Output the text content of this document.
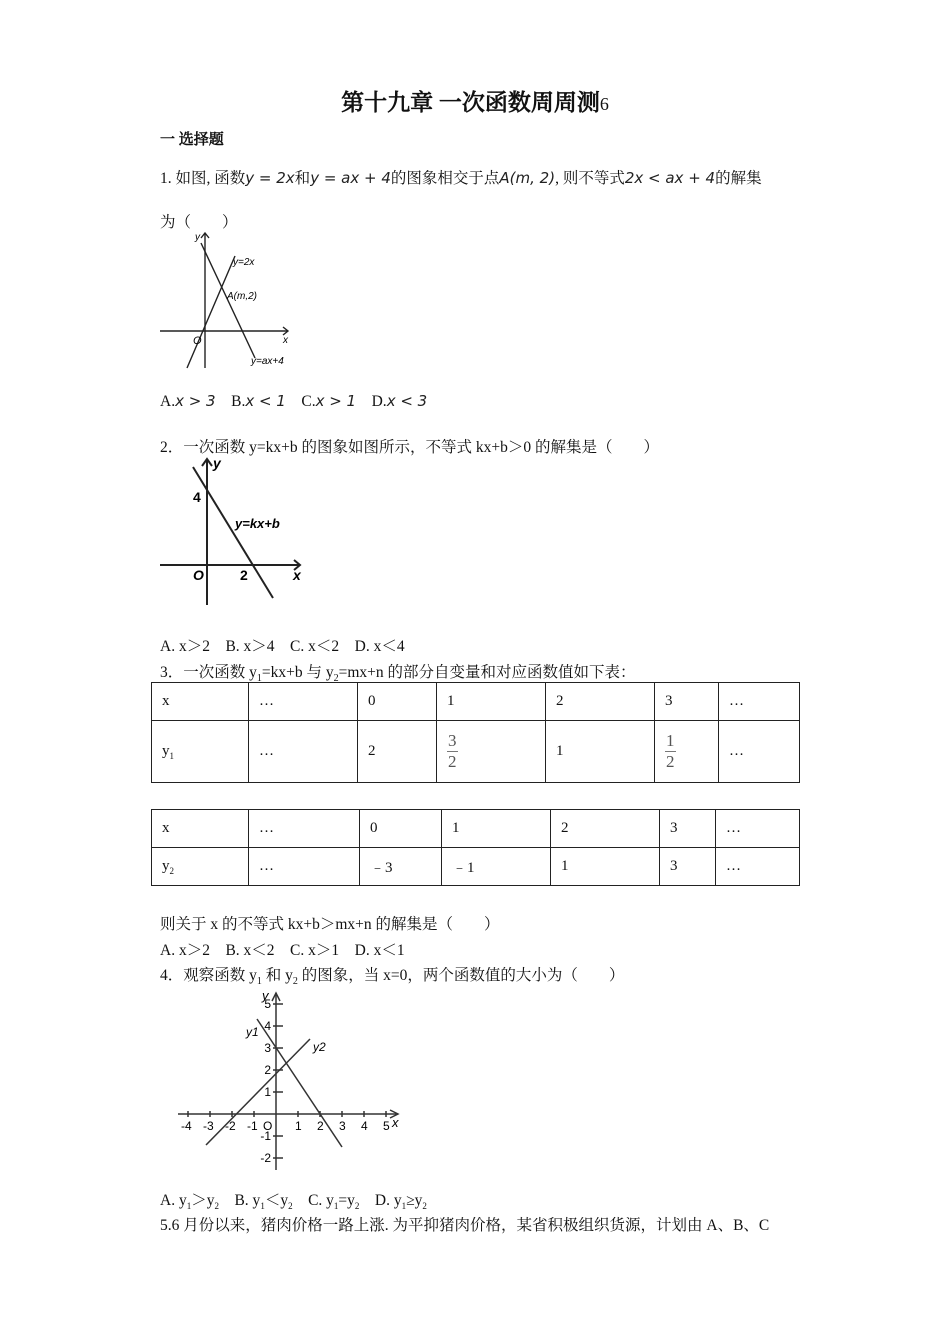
第十九章 一次函数周周测6
一 选择题
1. 如图, 函数y = 2x和y = ax + 4的图象相交于点A(m, 2), 则不等式2x < ax + 4的解集
为（　　）
y
x
O
y=2x
A(m,2)
y=ax+4
A.x > 3 B.x < 1 C.x > 1 D.x < 3
2．一次函数 y=kx+b 的图象如图所示，不等式 kx+b＞0 的解集是（　　）
y
x
O
4
2
y=kx+b
A. x＞2　B. x＞4　C. x＜2　D. x＜4
3．一次函数 $y_1=kx+b$ 与 $y_2=mx+n$ 的部分自变量和对应函数值如下表：
x	…	0	1	2	3	…
$y_1$	…	2	$\frac{3}{2}$	1	$\frac{1}{2}$	…
x	…	0	1	2	3	…
$y_2$	…	﹣3	﹣1	1	3	…
则关于 x 的不等式 kx+b＞mx+n 的解集是（　　）
A. x＞2　B. x＜2　C. x＞1　D. x＜1
4．观察函数 $y_1$ 和 $y_2$ 的图象，当 x=0，两个函数值的大小为（　　）
y
x
-4 -3 -2 -1	1 2 3 4 5
O
5
4
3
2
1
-1
-2
y1
y2
A. $y_1>y_2$　B. $y_1<y_2$　C. $y_1=y_2$　D. $y_1\ge y_2$
5.6 月份以来，猪肉价格一路上涨. 为平抑猪肉价格，某省积极组织货源，计划由 A、B、C
